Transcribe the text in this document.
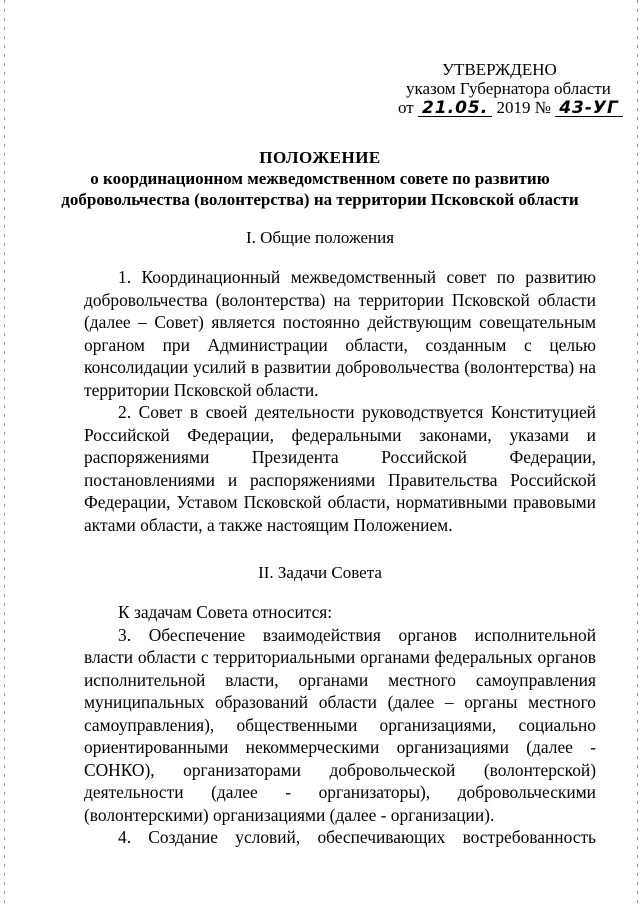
УТВЕРЖДЕНО
указом Губернатора области
от 21.05. 2019 № 43-УГ
ПОЛОЖЕНИЕ
о координационном межведомственном совете по развитию
добровольчества (волонтерства) на территории Псковской области
I. Общие положения

1. Координационный межведомственный совет по развитию добровольчества (волонтерства) на территории Псковской области (далее – Совет) является постоянно действующим совещательным органом при Администрации области, созданным с целью консолидации усилий в развитии добровольчества (волонтерства) на территории Псковской области.

2. Совет в своей деятельности руководствуется Конституцией Российской Федерации, федеральными законами, указами и распоряжениями Президента Российской Федерации, постановлениями и распоряжениями Правительства Российской Федерации, Уставом Псковской области, нормативными правовыми актами области, а также настоящим Положением.

II. Задачи Совета

К задачам Совета относится:

3. Обеспечение взаимодействия органов исполнительной власти области с территориальными органами федеральных органов исполнительной власти, органами местного самоуправления муниципальных образований области (далее – органы местного самоуправления), общественными организациями, социально ориентированными некоммерческими организациями (далее - СОНКО), организаторами добровольческой (волонтерской) деятельности (далее - организаторы), добровольческими (волонтерскими) организациями (далее - организации).

4. Создание условий, обеспечивающих востребованность
